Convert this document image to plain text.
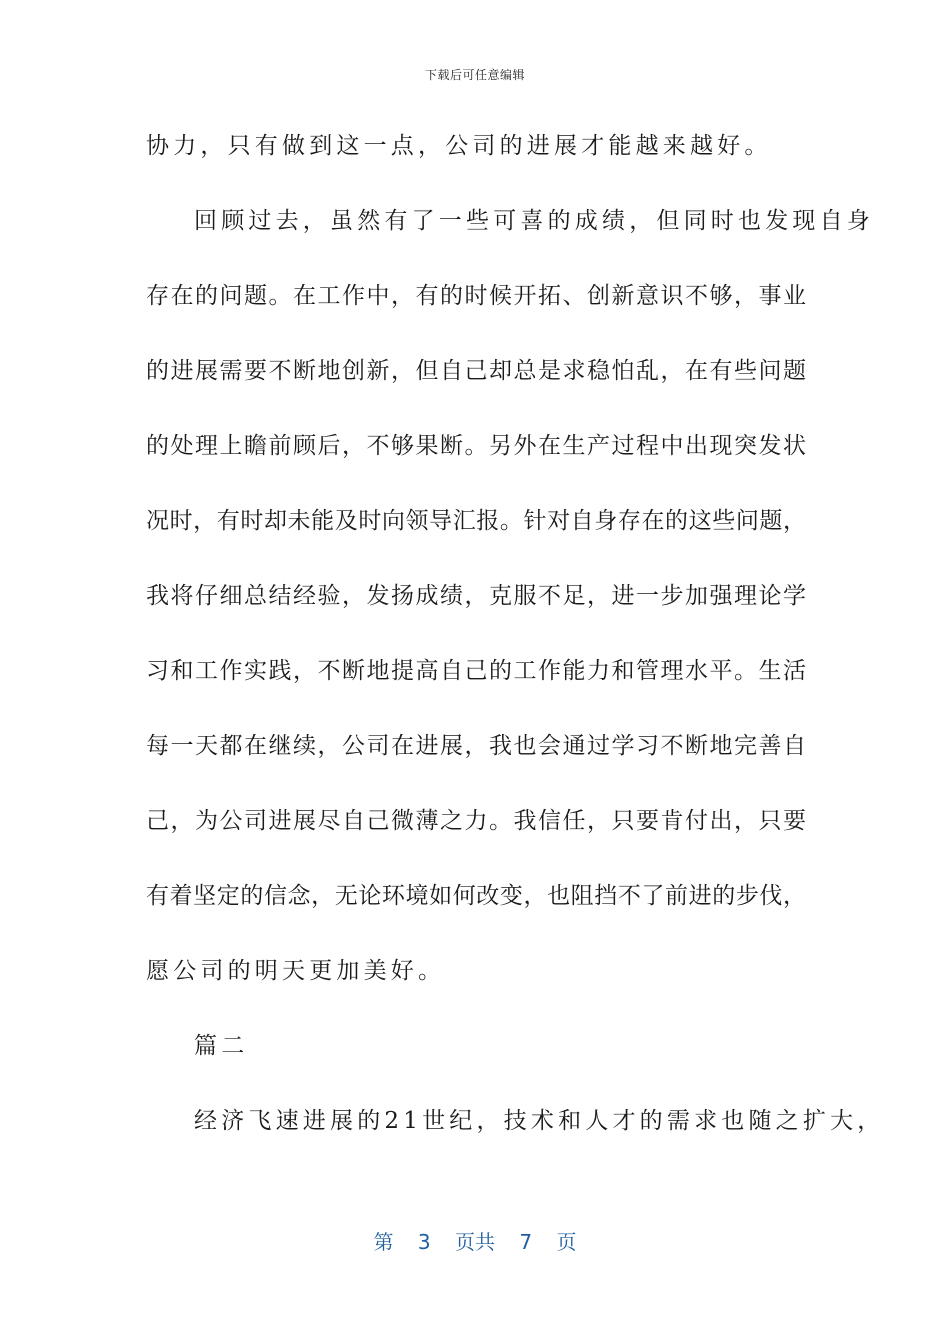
下载后可任意编辑
协力，只有做到这一点，公司的进展才能越来越好。
回顾过去，虽然有了一些可喜的成绩，但同时也发现自身
存在的问题。在工作中，有的时候开拓、创新意识不够，事业
的进展需要不断地创新，但自己却总是求稳怕乱，在有些问题
的处理上瞻前顾后，不够果断。另外在生产过程中出现突发状
况时，有时却未能及时向领导汇报。针对自身存在的这些问题，
我将仔细总结经验，发扬成绩，克服不足，进一步加强理论学
习和工作实践，不断地提高自己的工作能力和管理水平。生活
每一天都在继续，公司在进展，我也会通过学习不断地完善自
己，为公司进展尽自己微薄之力。我信任，只要肯付出，只要
有着坚定的信念，无论环境如何改变，也阻挡不了前进的步伐，
愿公司的明天更加美好。
篇二
经济飞速进展的21世纪，技术和人才的需求也随之扩大，
第 3 页共 7 页
